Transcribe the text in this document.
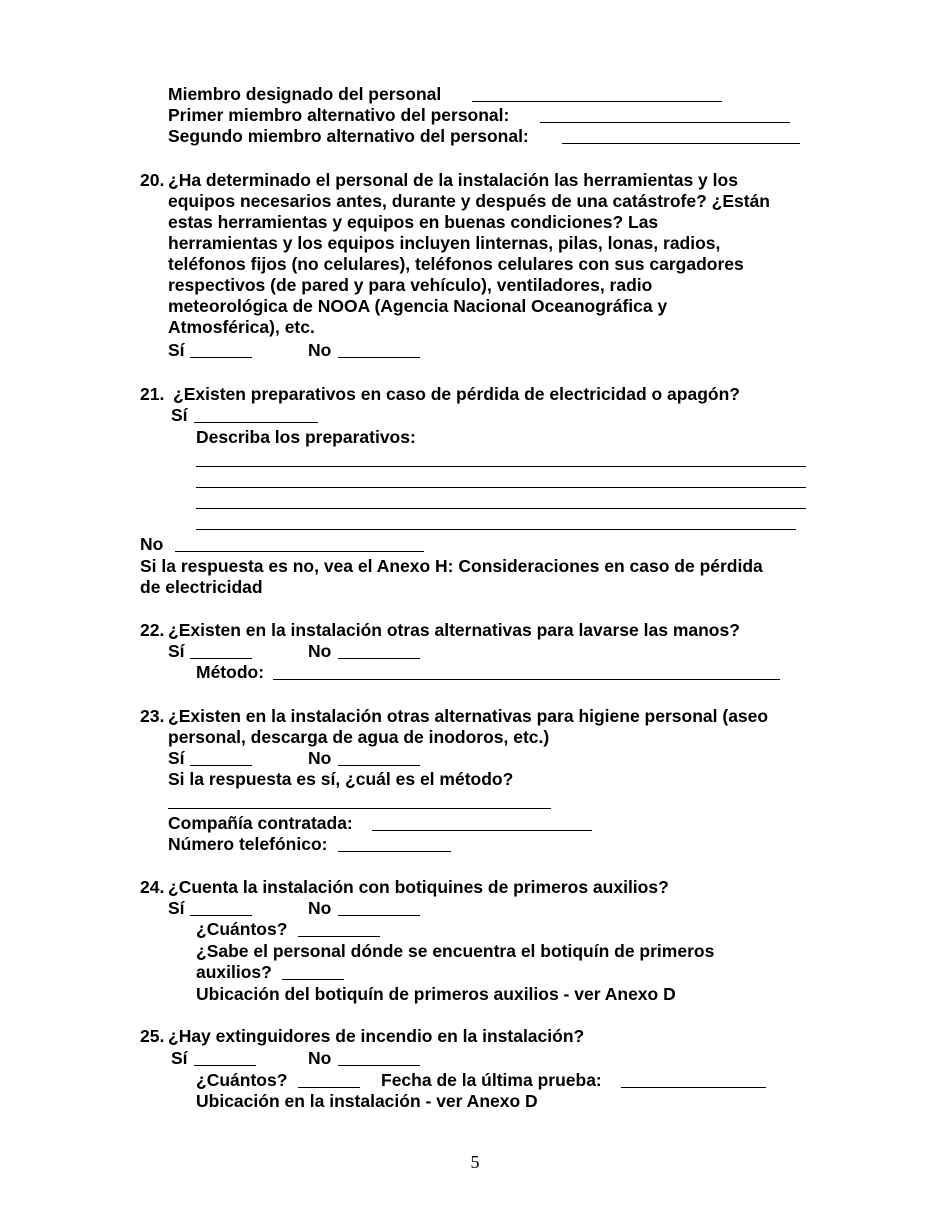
Miembro designado del personal
Primer miembro alternativo del personal:
Segundo miembro alternativo del personal:
20. ¿Ha determinado el personal de la instalación las herramientas y los
equipos necesarios antes, durante y después de una catástrofe? ¿Están
estas herramientas y equipos en buenas condiciones? Las
herramientas y los equipos incluyen linternas, pilas, lonas, radios,
teléfonos fijos (no celulares), teléfonos celulares con sus cargadores
respectivos (de pared y para vehículo), ventiladores, radio
meteorológica de NOOA (Agencia Nacional Oceanográfica y
Atmosférica), etc.
Sí	No
21. ¿Existen preparativos en caso de pérdida de electricidad o apagón?
Sí
Describa los preparativos:
No
Si la respuesta es no, vea el Anexo H: Consideraciones en caso de pérdida
de electricidad
22. ¿Existen en la instalación otras alternativas para lavarse las manos?
Sí	No
Método:
23. ¿Existen en la instalación otras alternativas para higiene personal (aseo
personal, descarga de agua de inodoros, etc.)
Sí	No
Si la respuesta es sí, ¿cuál es el método?
Compañía contratada:
Número telefónico:
24. ¿Cuenta la instalación con botiquines de primeros auxilios?
Sí	No
¿Cuántos?
¿Sabe el personal dónde se encuentra el botiquín de primeros
auxilios?
Ubicación del botiquín de primeros auxilios - ver Anexo D
25. ¿Hay extinguidores de incendio en la instalación?
Sí	No
¿Cuántos?	Fecha de la última prueba:
Ubicación en la instalación - ver Anexo D
5
